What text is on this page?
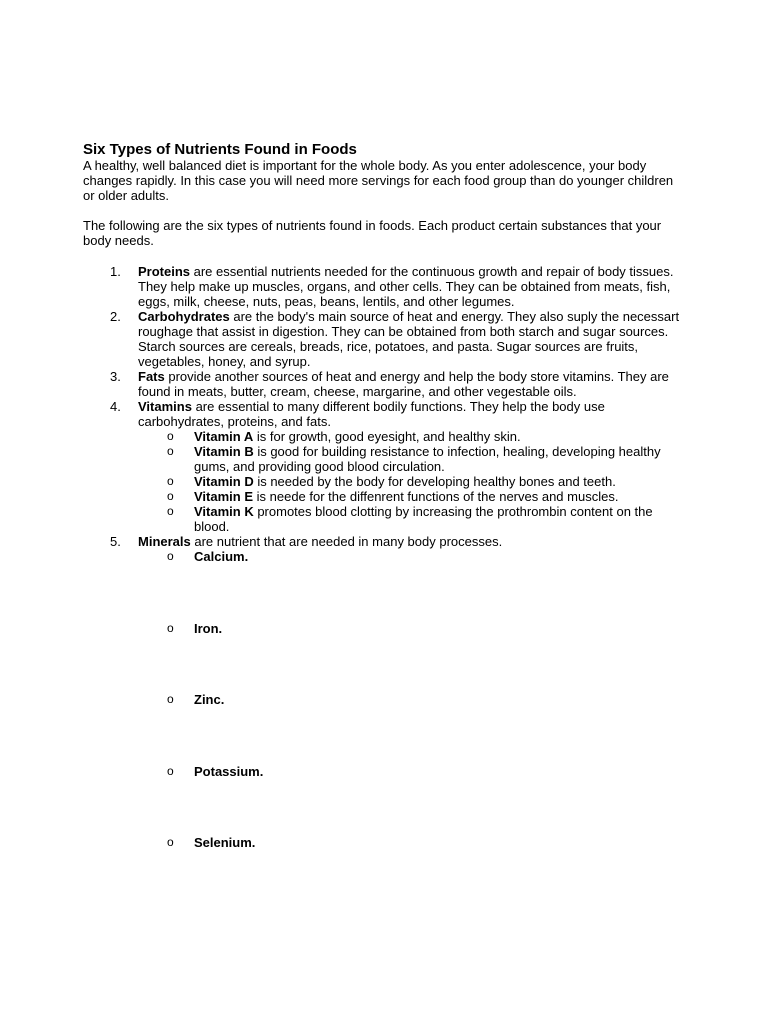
Six Types of Nutrients Found in Foods

A healthy, well balanced diet is important for the whole body. As you enter adolescence, your body changes rapidly. In this case you will need more servings for each food group than do younger children or older adults.

The following are the six types of nutrients found in foods. Each product certain substances that your body needs.

1. Proteins are essential nutrients needed for the continuous growth and repair of body tissues. They help make up muscles, organs, and other cells. They can be obtained from meats, fish, eggs, milk, cheese, nuts, peas, beans, lentils, and other legumes.
2. Carbohydrates are the body's main source of heat and energy. They also suply the necessart roughage that assist in digestion. They can be obtained from both starch and sugar sources. Starch sources are cereals, breads, rice, potatoes, and pasta. Sugar sources are fruits, vegetables, honey, and syrup.
3. Fats provide another sources of heat and energy and help the body store vitamins. They are found in meats, butter, cream, cheese, margarine, and other vegestable oils.
4. Vitamins are essential to many different bodily functions. They help the body use carbohydrates, proteins, and fats.
o Vitamin A is for growth, good eyesight, and healthy skin.
o Vitamin B is good for building resistance to infection, healing, developing healthy gums, and providing good blood circulation.
o Vitamin D is needed by the body for developing healthy bones and teeth.
o Vitamin E is neede for the diffenrent functions of the nerves and muscles.
o Vitamin K promotes blood clotting by increasing the prothrombin content on the blood.
5. Minerals are nutrient that are needed in many body processes.
o Calcium.
o Iron.
o Zinc.
o Potassium.
o Selenium.
